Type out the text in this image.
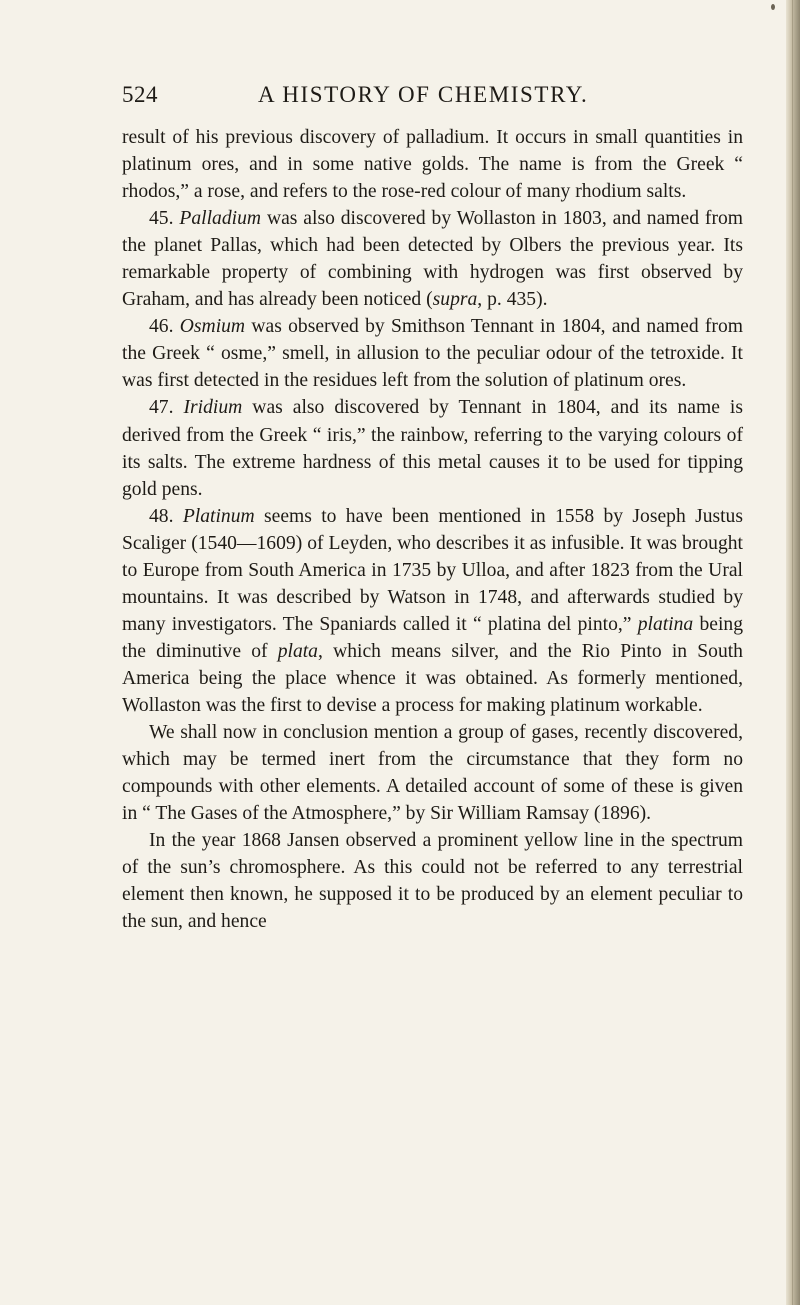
524	A HISTORY OF CHEMISTRY.

result of his previous discovery of palladium. It occurs in small quantities in platinum ores, and in some native golds. The name is from the Greek “ rhodos,” a rose, and refers to the rose-red colour of many rhodium salts.

45. Palladium was also discovered by Wollaston in 1803, and named from the planet Pallas, which had been detected by Olbers the previous year. Its remarkable property of combining with hydrogen was first observed by Graham, and has already been noticed (supra, p. 435).

46. Osmium was observed by Smithson Tennant in 1804, and named from the Greek “ osme,” smell, in allusion to the peculiar odour of the tetroxide. It was first detected in the residues left from the solution of platinum ores.

47. Iridium was also discovered by Tennant in 1804, and its name is derived from the Greek “ iris,” the rainbow, referring to the varying colours of its salts. The extreme hardness of this metal causes it to be used for tipping gold pens.

48. Platinum seems to have been mentioned in 1558 by Joseph Justus Scaliger (1540—1609) of Leyden, who describes it as infusible. It was brought to Europe from South America in 1735 by Ulloa, and after 1823 from the Ural mountains. It was described by Watson in 1748, and afterwards studied by many investigators. The Spaniards called it “ platina del pinto,” platina being the diminutive of plata, which means silver, and the Rio Pinto in South America being the place whence it was obtained. As formerly mentioned, Wollaston was the first to devise a process for making platinum workable.

We shall now in conclusion mention a group of gases, recently discovered, which may be termed inert from the circumstance that they form no compounds with other elements. A detailed account of some of these is given in “ The Gases of the Atmosphere,” by Sir William Ramsay (1896).

In the year 1868 Jansen observed a prominent yellow line in the spectrum of the sun’s chromosphere. As this could not be referred to any terrestrial element then known, he supposed it to be produced by an element peculiar to the sun, and hence
